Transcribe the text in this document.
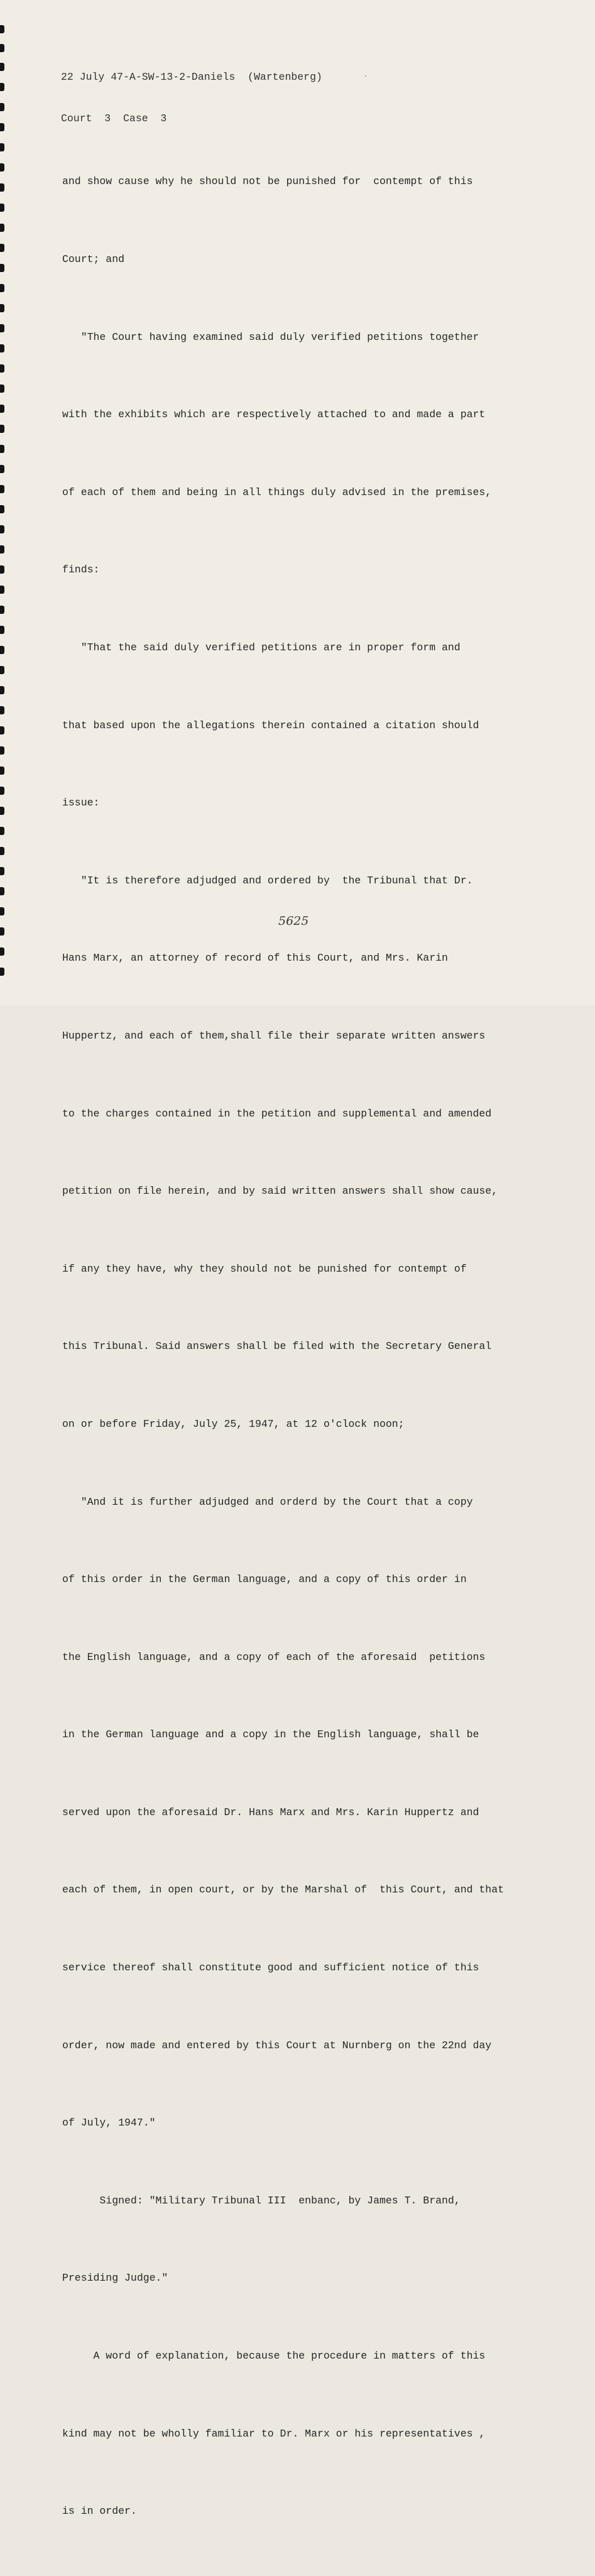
22 July 47-A-SW-13-2-Daniels  (Wartenberg)

Court  3  Case  3

and show cause why he should not be punished for  contempt of this

Court; and

"The Court having examined said duly verified petitions together

with the exhibits which are respectively attached to and made a part

of each of them and being in all things duly advised in the premises,

finds:

"That the said duly verified petitions are in proper form and

that based upon the allegations therein contained a citation should

issue:

"It is therefore adjudged and ordered by  the Tribunal that Dr.

Hans Marx, an attorney of record of this Court, and Mrs. Karin

Huppertz, and each of them,shall file their separate written answers

to the charges contained in the petition and supplemental and amended

petition on file herein, and by said written answers shall show cause,

if any they have, why they should not be punished for contempt of

this Tribunal. Said answers shall be filed with the Secretary General

on or before Friday, July 25, 1947, at 12 o'clock noon;

"And it is further adjudged and orderd by the Court that a copy

of this order in the German language, and a copy of this order in

the English language, and a copy of each of the aforesaid  petitions

in the German language and a copy in the English language, shall be

served upon the aforesaid Dr. Hans Marx and Mrs. Karin Huppertz and

each of them, in open court, or by the Marshal of  this Court, and that

service thereof shall constitute good and sufficient notice of this

order, now made and entered by this Court at Nurnberg on the 22nd day

of July, 1947."

Signed: "Military Tribunal III  enbanc, by James T. Brand,

Presiding Judge."

A word of explanation, because the procedure in matters of this

kind may not be wholly familiar to Dr. Marx or his representatives ,

is in order.

5625
